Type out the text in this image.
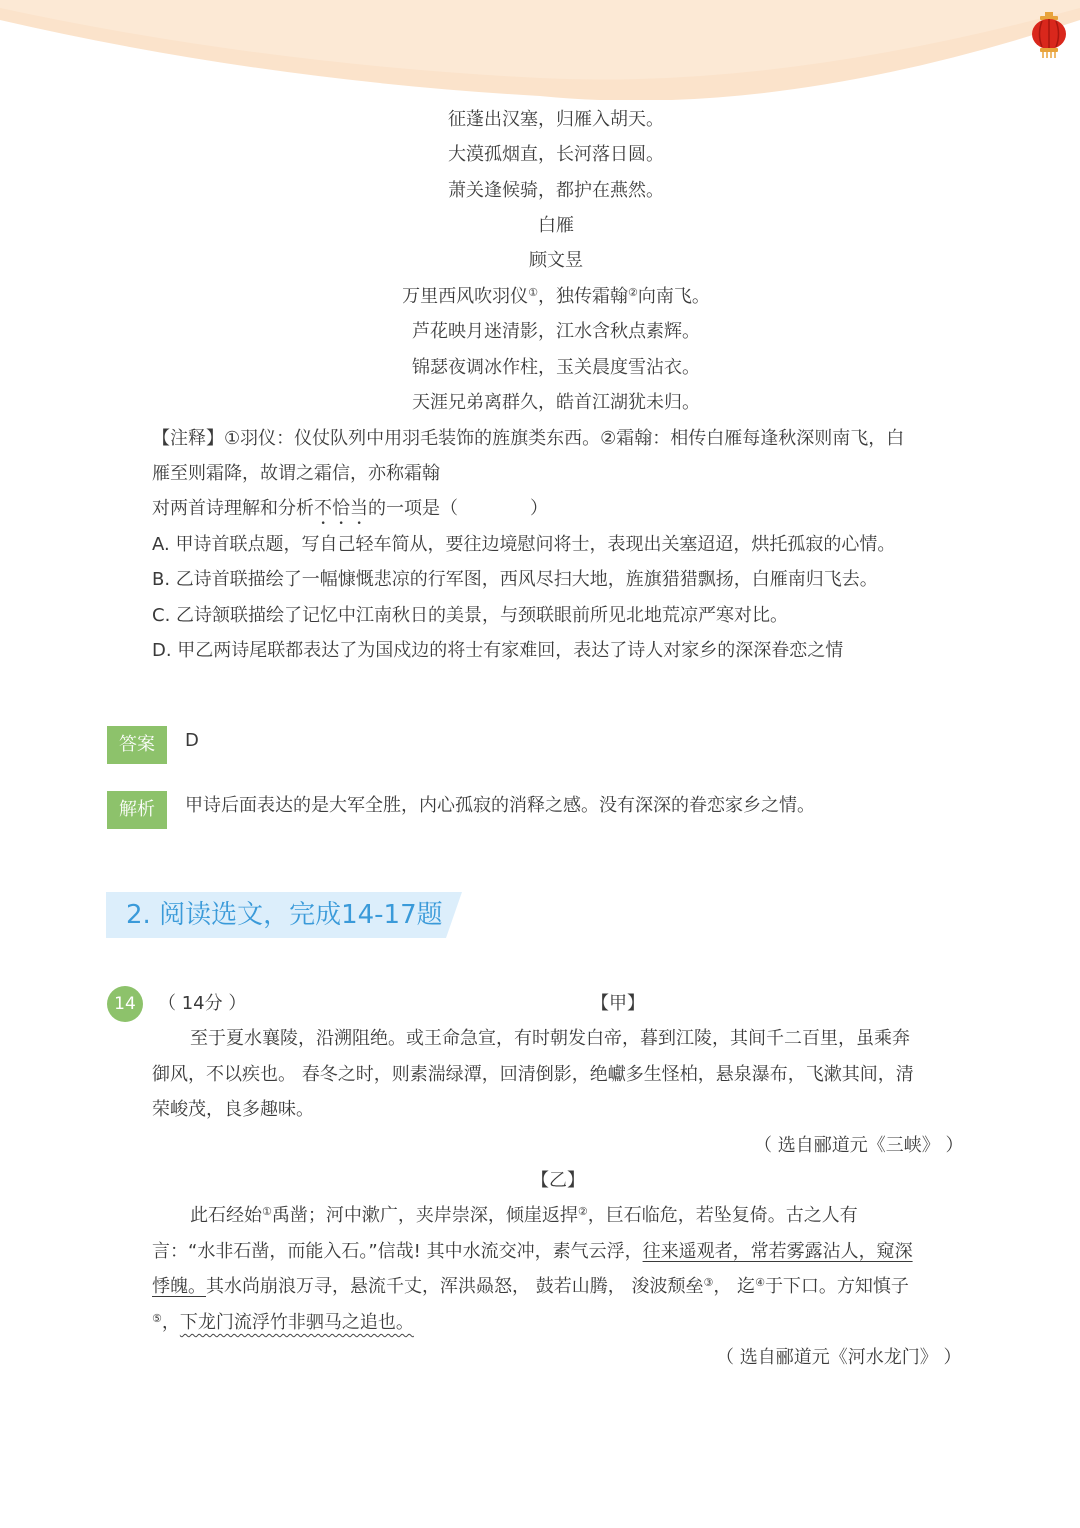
征蓬出汉塞，归雁入胡天。
大漠孤烟直，长河落日圆。
萧关逢候骑，都护在燕然。
白雁
顾文昱
万里西风吹羽仪①，独传霜翰②向南飞。
芦花映月迷清影，江水含秋点素辉。
锦瑟夜调冰作柱，玉关晨度雪沾衣。
天涯兄弟离群久，皓首江湖犹未归。
【注释】①羽仪：仪仗队列中用羽毛装饰的旌旗类东西。②霜翰：相传白雁每逢秋深则南飞，白
雁至则霜降，故谓之霜信，亦称霜翰
对两首诗理解和分析不恰当的一项是（　　　　）
A. 甲诗首联点题，写自己轻车简从，要往边境慰问将士，表现出关塞迢迢，烘托孤寂的心情。
B. 乙诗首联描绘了一幅慷慨悲凉的行军图，西风尽扫大地，旌旗猎猎飘扬，白雁南归飞去。
C. 乙诗颔联描绘了记忆中江南秋日的美景，与颈联眼前所见北地荒凉严寒对比。
D. 甲乙两诗尾联都表达了为国戍边的将士有家难回，表达了诗人对家乡的深深眷恋之情
答案	D
解析	甲诗后面表达的是大军全胜，内心孤寂的消释之感。没有深深的眷恋家乡之情。
2. 阅读选文，完成14-17题
14	（ 14分 ）	【甲】
至于夏水襄陵，沿溯阻绝。或王命急宣，有时朝发白帝，暮到江陵，其间千二百里，虽乘奔
御风，不以疾也。 春冬之时，则素湍绿潭，回清倒影，绝巘多生怪柏，悬泉瀑布，飞漱其间，清
荣峻茂，良多趣味。
（ 选自郦道元《三峡》 ）
【乙】
此石经始①禹凿；河中漱广，夹岸崇深，倾崖返捍②，巨石临危，若坠复倚。古之人有
言：“水非石凿，而能入石。”信哉! 其中水流交冲，素气云浮，往来遥观者，常若雾露沾人，窥深
悸魄。其水尚崩浪万寻，悬流千丈，浑洪赑怒， 鼓若山腾， 浚波颓垒③， 迄④于下口。方知慎子
⑤，下龙门流浮竹非驷马之追也。
（ 选自郦道元《河水龙门》 ）
